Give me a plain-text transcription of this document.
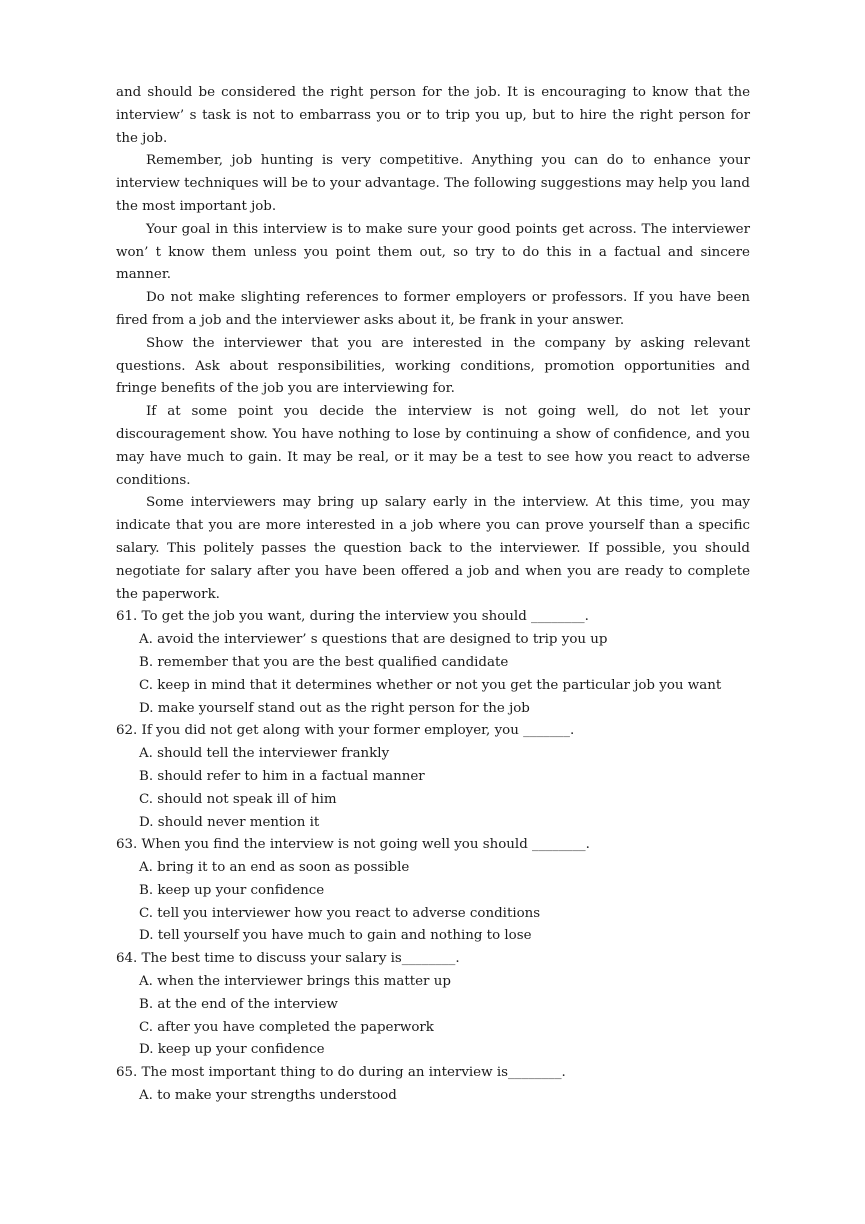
and should be considered the right person for the job. It is encouraging to know that the interview’ s task is not to embarrass you or to trip you up, but to hire the right person for the job.

Remember, job hunting is very competitive. Anything you can do to enhance your interview techniques will be to your advantage. The following suggestions may help you land the most important job.

Your goal in this interview is to make sure your good points get across. The interviewer won’ t know them unless you point them out, so try to do this in a factual and sincere manner.

Do not make slighting references to former employers or professors. If you have been fired from a job and the interviewer asks about it, be frank in your answer.

Show the interviewer that you are interested in the company by asking relevant questions. Ask about responsibilities, working conditions, promotion opportunities and fringe benefits of the job you are interviewing for.

If at some point you decide the interview is not going well, do not let your discouragement show. You have nothing to lose by continuing a show of confidence, and you may have much to gain. It may be real, or it may be a test to see how you react to adverse conditions.

Some interviewers may bring up salary early in the interview. At this time, you may indicate that you are more interested in a job where you can prove yourself than a specific salary. This politely passes the question back to the interviewer. If possible, you should negotiate for salary after you have been offered a job and when you are ready to complete the paperwork.

61. To get the job you want, during the interview you should ________.

A. avoid the interviewer’ s questions that are designed to trip you up

B. remember that you are the best qualified candidate

C. keep in mind that it determines whether or not you get the particular job you want

D. make yourself stand out as the right person for the job

62. If you did not get along with your former employer, you _______.

A. should tell the interviewer frankly

B. should refer to him in a factual manner

C. should not speak ill of him

D. should never mention it

63. When you find the interview is not going well you should ________.

A. bring it to an end as soon as possible

B. keep up your confidence

C. tell you interviewer how you react to adverse conditions

D. tell yourself you have much to gain and nothing to lose

64. The best time to discuss your salary is________.

A. when the interviewer brings this matter up

B. at the end of the interview

C. after you have completed the paperwork

D. keep up your confidence

65. The most important thing to do during an interview is________.

A. to make your strengths understood
